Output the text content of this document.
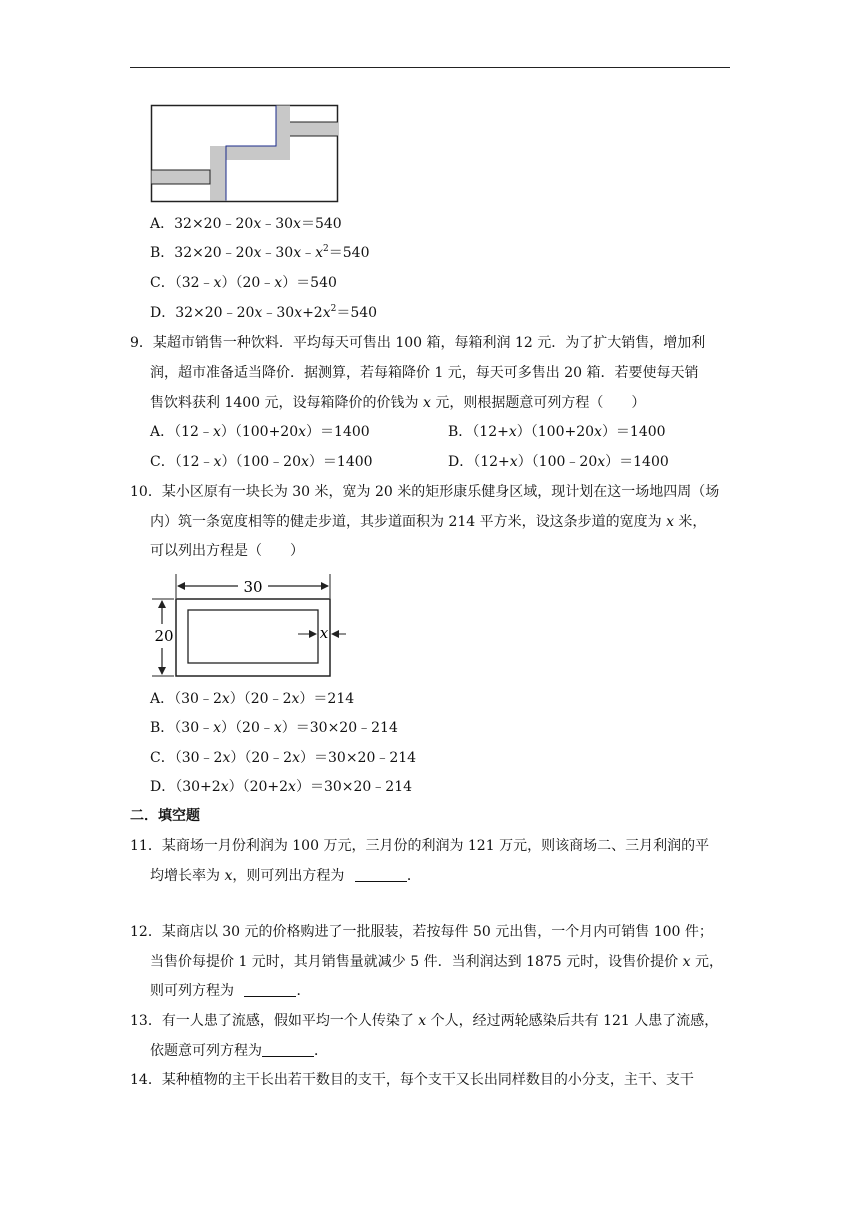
A．32×20﹣20x﹣30x＝540
B．$32\times 20﹣20x﹣30x﹣x^2=540$
C．（32﹣x）（20﹣x）＝540
D．$32\times 20﹣20x﹣30x+2x^2=540$
9．某超市销售一种饮料．平均每天可售出 100 箱，每箱利润 12 元．为了扩大销售，增加利
润，超市准备适当降价．据测算，若每箱降价 1 元，每天可多售出 20 箱．若要使每天销
售饮料获利 1400 元，设每箱降价的价钱为 x 元，则根据题意可列方程（　　）
A．（12﹣x）（100+20x）＝1400	B．（12+x）（100+20x）＝1400
C．（12﹣x）（100﹣20x）＝1400	D．（12+x）（100﹣20x）＝1400
10．某小区原有一块长为 30 米，宽为 20 米的矩形康乐健身区域，现计划在这一场地四周（场
内）筑一条宽度相等的健走步道，其步道面积为 214 平方米，设这条步道的宽度为 x 米，
可以列出方程是（　　）
30
20	x
A．（30﹣2x）（20﹣2x）＝214
B．（30﹣x）（20﹣x）＝30×20﹣214
C．（30﹣2x）（20﹣2x）＝30×20﹣214
D．（30+2x）（20+2x）＝30×20﹣214
二．填空题
11．某商场一月份利润为 100 万元，三月份的利润为 121 万元，则该商场二、三月利润的平
均增长率为 x，则可列出方程为	．
12．某商店以 30 元的价格购进了一批服装，若按每件 50 元出售，一个月内可销售 100 件；
当售价每提价 1 元时，其月销售量就减少 5 件．当利润达到 1875 元时，设售价提价 x 元，
则可列方程为	．
13．有一人患了流感，假如平均一个人传染了 x 个人，经过两轮感染后共有 121 人患了流感，
依题意可列方程为	．
14．某种植物的主干长出若干数目的支干，每个支干又长出同样数目的小分支，主干、支干
